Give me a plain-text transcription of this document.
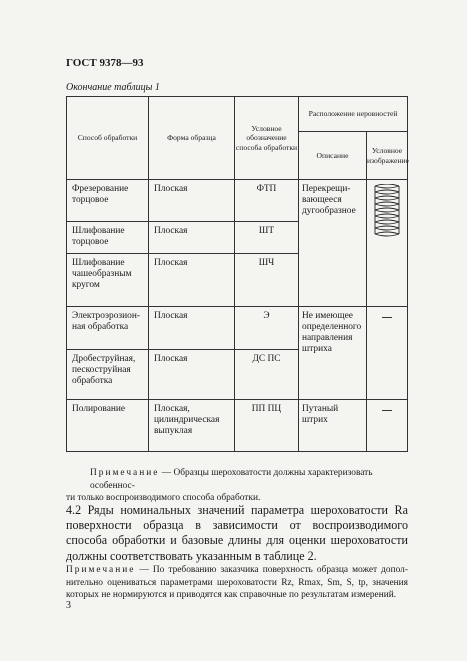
ГОСТ 9378—93
Окончание таблицы 1
Способ обработки	Форма образца	Условное обозначение способа обработки	Расположение неровностей	
			Описание	Условное изображение
Фрезерование торцовое	Плоская	ФТП	Перекрещи- вающееся дугообразное	
Шлифование торцовое	Плоская	ШТ		
Шлифование чашеобразным кругом	Плоская	ШЧ		
Электроэрозион- ная обработка	Плоская	Э	Не имеющее определенного направления штриха	
Дробеструйная, пескоструйная обработка	Плоская	ДС ПС		
Полирование	Плоская, цилиндрическая выпуклая	ПП ПЦ	Путаный штрих	
Примечание — Образцы шероховатости должны характеризовать особеннос-
ти только воспроизводимого способа обработки.
4.2 Ряды номинальных значений параметра шероховатости Ra поверхности образца в зависимости от воспроизводимого способа обработки и базовые длины для оценки шероховатости должны соответствовать указанным в таблице 2.
Примечание — По требованию заказчика поверхность образца может допол- нительно оцениваться параметрами шероховатости Rz, Rmax, Sm, S, tp, значения которых не нормируются и приводятся как справочные по результатам измерений.
3
